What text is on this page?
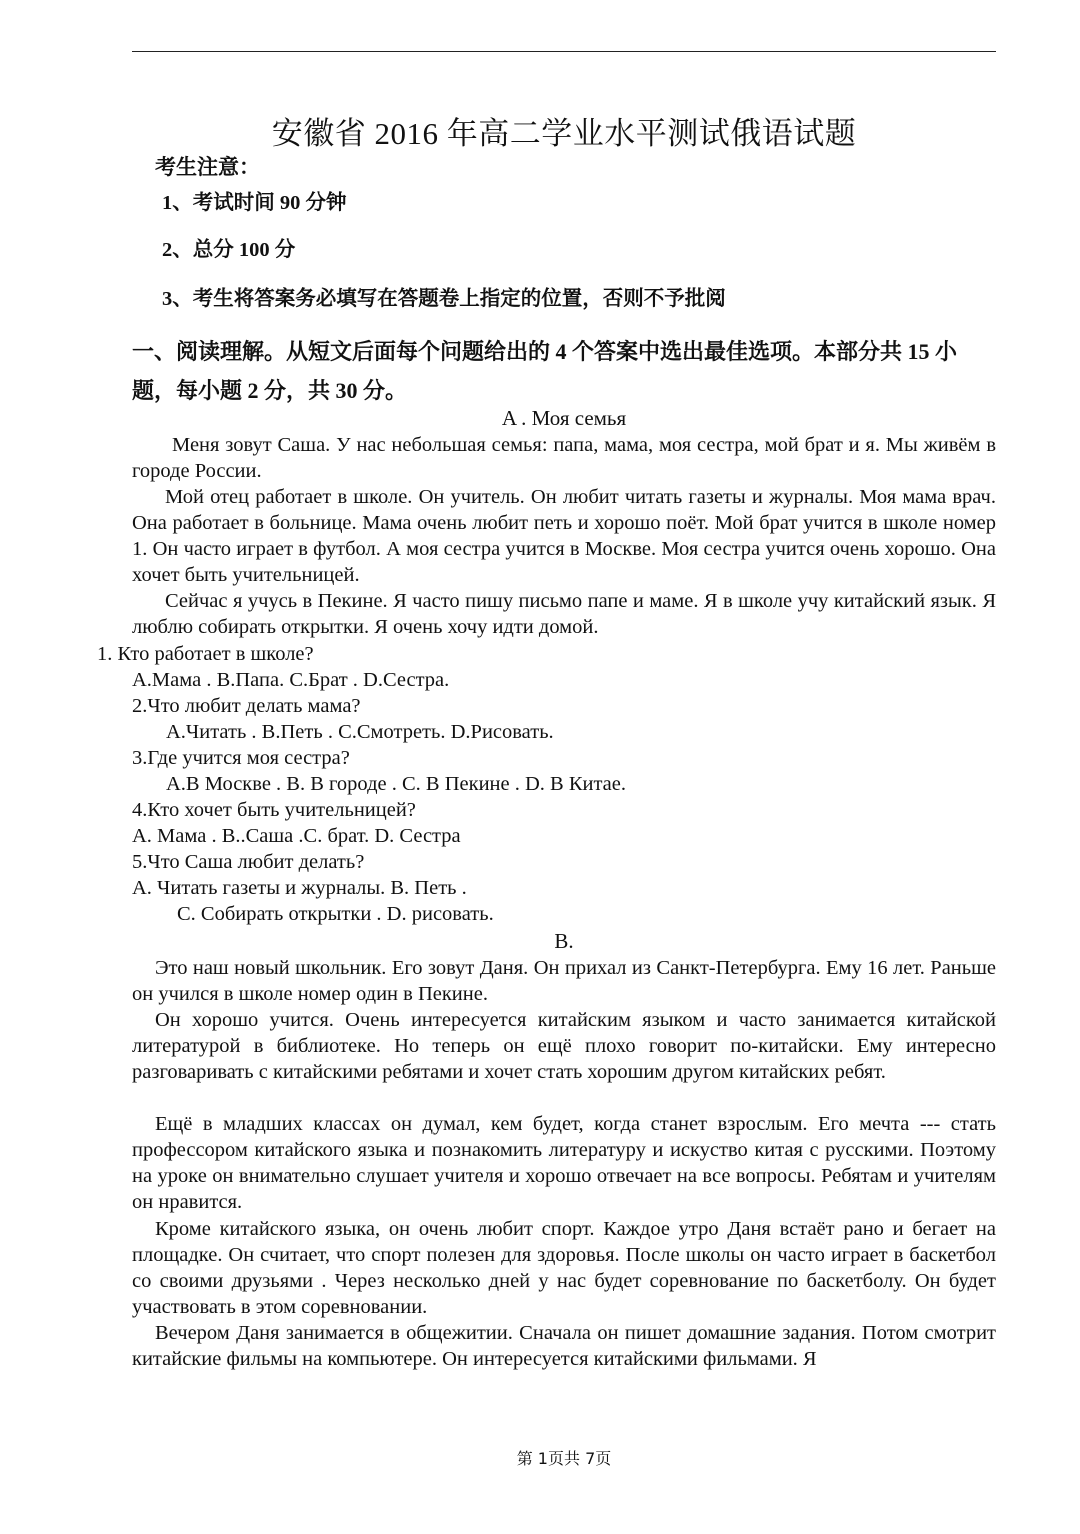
安徽省 2016 年高二学业水平测试俄语试题
考生注意：
1、考试时间 90 分钟
2、总分 100 分
3、考生将答案务必填写在答题卷上指定的位置，否则不予批阅
一、阅读理解。从短文后面每个问题给出的 4 个答案中选出最佳选项。本部分共 15 小
题，每小题 2 分，共 30 分。
A . Моя семья
Меня зовут Саша. У нас небольшая семья: папа, мама, моя сестра, мой брат и я. Мы живём в городе России.
Мой отец работает в школе. Он учитель. Он любит читать газеты и журналы. Моя мама врач. Она работает в больнице. Мама очень любит петь и хорошо поёт. Мой брат учится в школе номер 1. Он часто играет в футбол. А моя сестра учится в Москве. Моя сестра учится очень хорошо. Она хочет быть учительницей.
Сейчас я учусь в Пекине. Я часто пишу письмо папе и маме. Я в школе учу китайский язык. Я люблю собирать открытки. Я очень хочу идти домой.
1. Кто работает в школе?
A.Мама . B.Папа. C.Брат . D.Сестра.
2.Что любит делать мама?
A.Читать . B.Петь . C.Смотреть. D.Рисовать.
3.Где учится моя сестра?
A.В Москве . B. В городе . C. В Пекине . D. В Китае.
4.Кто хочет быть учительницей?
A. Мама . B..Саша .C. брат. D. Сестра
5.Что Саша любит делать?
A. Читать газеты и журналы. B. Петь .
C. Собирать открытки . D. рисовать.
B.
Это наш новый школьник. Его зовут Даня. Он прихал из Санкт-Петербурга. Ему 16 лет. Раньше он учился в школе номер один в Пекине.
Он хорошо учится. Очень интересуется китайским языком и часто занимается китайской литературой в библиотеке. Но теперь он ещё плохо говорит по-китайски. Ему интересно разговаривать с китайскими ребятами и хочет стать хорошим другом китайских ребят.
Ещё в младших классах он думал, кем будет, когда станет взрослым. Его мечта --- стать профессором китайского языка и познакомить литературу и искуство китая с русскими. Поэтому на уроке он внимательно слушает учителя и хорошо отвечает на все вопросы. Ребятам и учителям он нравится.
Кроме китайского языка, он очень любит спорт. Каждое утро Даня встаёт рано и бегает на площадке. Он считает, что спорт полезен для здоровья. После школы он часто играет в баскетбол со своими друзьями . Через несколько дней у нас будет соревнование по баскетболу. Он будет участвовать в этом соревновании.
Вечером Даня занимается в общежитии. Сначала он пишет домашние задания. Потом смотрит китайские фильмы на компьютере. Он интересуется китайскими фильмами. Я
第 1页共 7页
